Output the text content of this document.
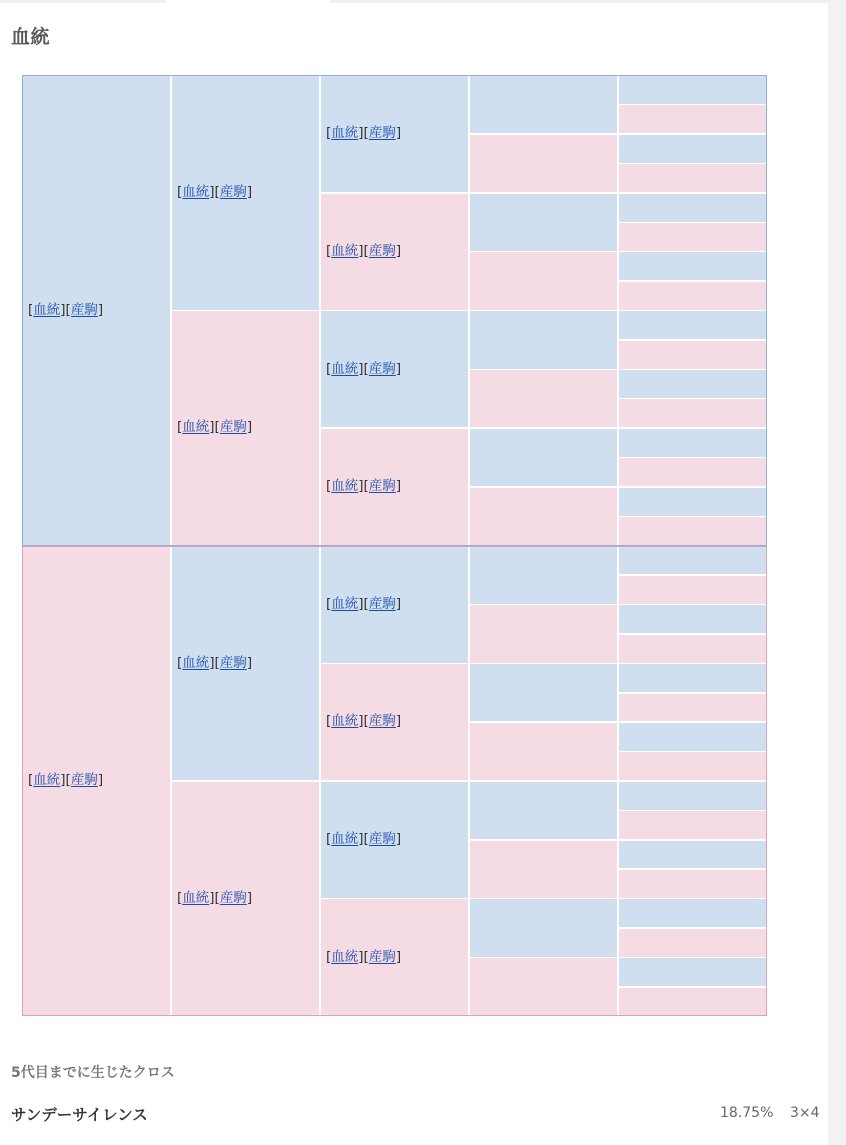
血統
[血統][産駒]
[血統][産駒]
[血統][産駒]
[血統][産駒]
[血統][産駒]
[血統][産駒]
[血統][産駒]
[血統][産駒]
[血統][産駒]
[血統][産駒]
[血統][産駒]
[血統][産駒]
[血統][産駒]
[血統][産駒]
5代目までに生じたクロス
サンデーサイレンス	18.75% 3×4
